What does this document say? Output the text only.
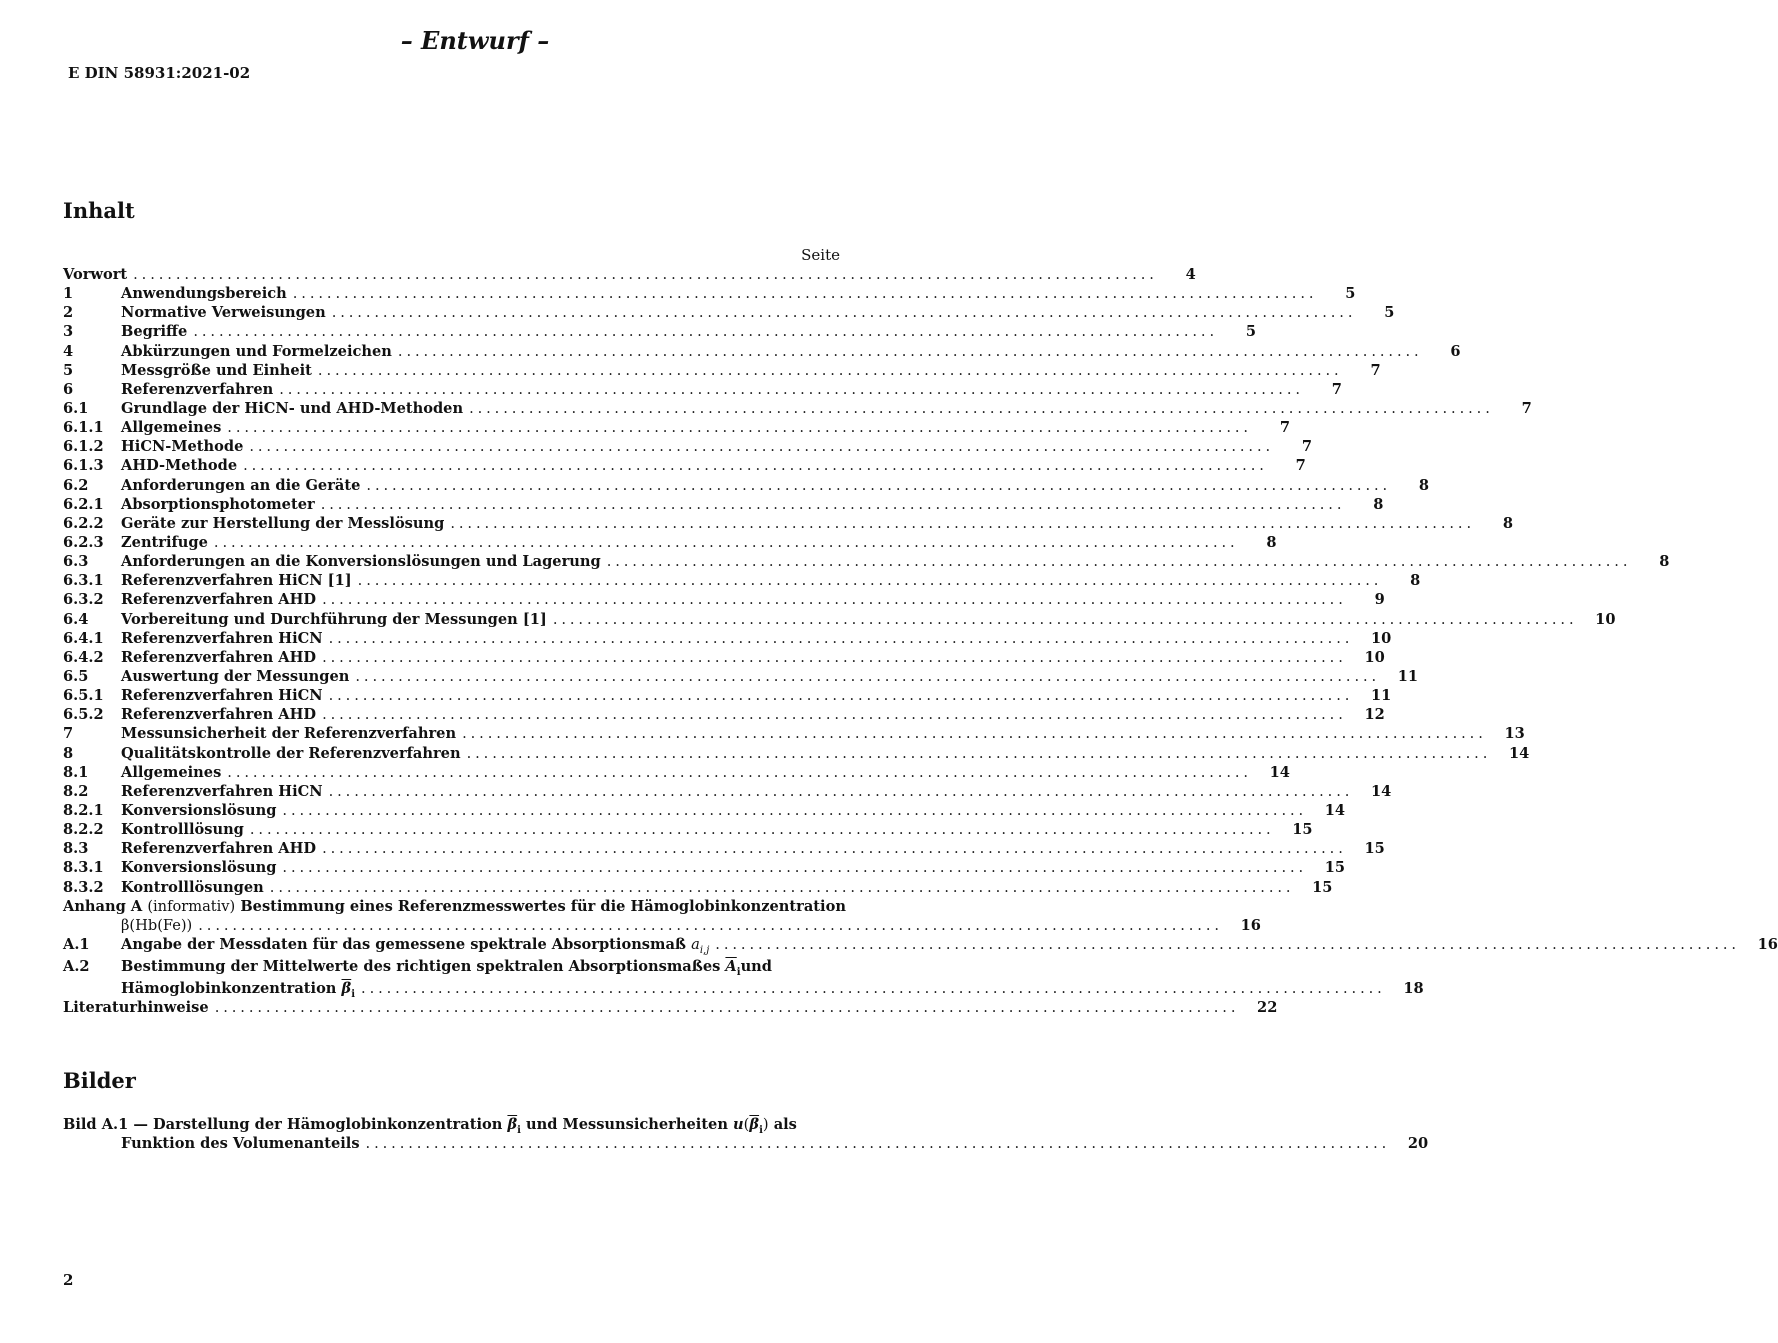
– Entwurf –
E DIN 58931:2021-02
Inhalt
Seite
Vorwort ........................................................................................................................	4
1	Anwendungsbereich ........................................................................................................................	5
2	Normative Verweisungen ........................................................................................................................	5
3	Begriffe ........................................................................................................................	5
4	Abkürzungen und Formelzeichen ........................................................................................................................	6
5	Messgröße und Einheit ........................................................................................................................	7
6	Referenzverfahren ........................................................................................................................	7
6.1 Grundlage der HiCN- und AHD-Methoden ........................................................................................................................	7
6.1.1 Allgemeines ........................................................................................................................	7
6.1.2 HiCN-Methode ........................................................................................................................	7
6.1.3 AHD-Methode ........................................................................................................................	7
6.2 Anforderungen an die Geräte ........................................................................................................................	8
6.2.1 Absorptionsphotometer ........................................................................................................................	8
6.2.2 Geräte zur Herstellung der Messlösung ........................................................................................................................	8
6.2.3 Zentrifuge ........................................................................................................................	8
6.3 Anforderungen an die Konversionslösungen und Lagerung ........................................................................................................................	8
6.3.1 Referenzverfahren HiCN [1] ........................................................................................................................	8
6.3.2 Referenzverfahren AHD ........................................................................................................................	9
6.4 Vorbereitung und Durchführung der Messungen [1] ........................................................................................................................	10
6.4.1 Referenzverfahren HiCN ........................................................................................................................	10
6.4.2 Referenzverfahren AHD ........................................................................................................................	10
6.5 Auswertung der Messungen ........................................................................................................................	11
6.5.1 Referenzverfahren HiCN ........................................................................................................................	11
6.5.2 Referenzverfahren AHD ........................................................................................................................	12
7	Messunsicherheit der Referenzverfahren ........................................................................................................................	13
8	Qualitätskontrolle der Referenzverfahren ........................................................................................................................	14
8.1 Allgemeines ........................................................................................................................	14
8.2 Referenzverfahren HiCN ........................................................................................................................	14
8.2.1 Konversionslösung ........................................................................................................................	14
8.2.2 Kontrolllösung ........................................................................................................................	15
8.3 Referenzverfahren AHD ........................................................................................................................	15
8.3.1 Konversionslösung ........................................................................................................................	15
8.3.2 Kontrolllösungen ........................................................................................................................	15
Anhang A (informativ) Bestimmung eines Referenzmesswertes für die Hämoglobinkonzentration
β(Hb(Fe)) ........................................................................................................................	16
A.1 Angabe der Messdaten für das gemessene spektrale Absorptionsmaß $a_{i,j}$ ........................................................................................................................	16
A.2 Bestimmung der Mittelwerte des richtigen spektralen Absorptionsmaßes $\overline{A}_iund$
Hämoglobinkonzentration $\overline{\beta}_i$ ........................................................................................................................	18
Literaturhinweise ........................................................................................................................	22
Bilder
Bild A.1 — Darstellung der Hämoglobinkonzentration $\overline{\beta}_i$ und Messunsicherheiten $u(\overline{\beta}_i)$ als
Funktion des Volumenanteils ........................................................................................................................	20
2
